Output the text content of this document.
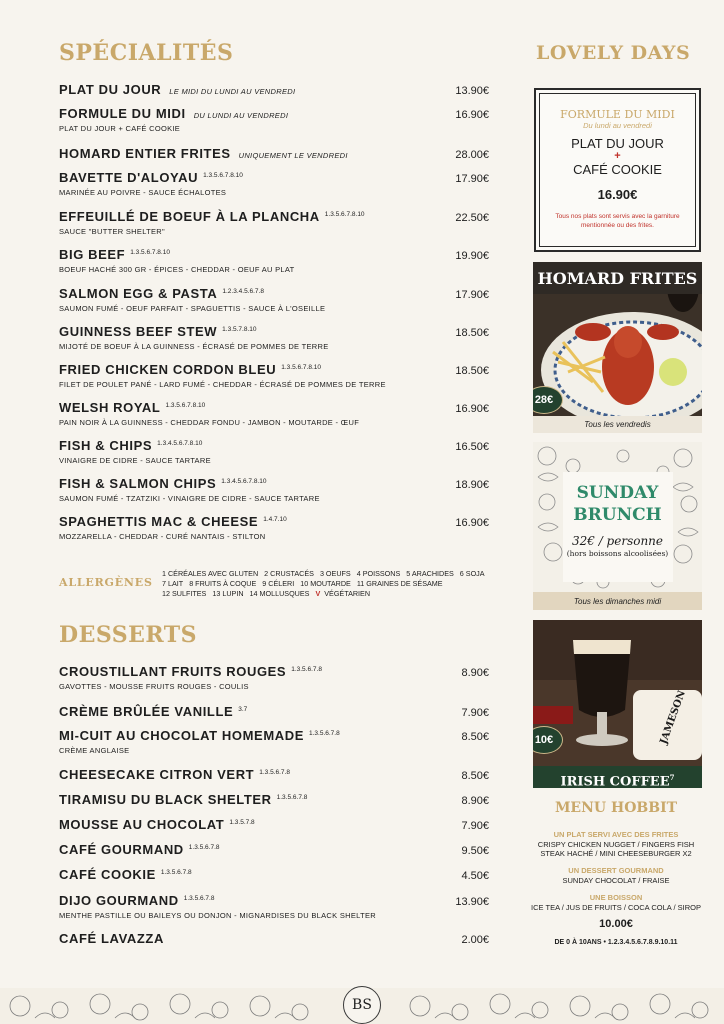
SPÉCIALITÉS
PLAT DU JOUR LE MIDI DU LUNDI AU VENDREDI	13.90€
FORMULE DU MIDI DU LUNDI AU VENDREDI	16.90€
PLAT DU JOUR + CAFÉ COOKIE
HOMARD ENTIER FRITES UNIQUEMENT LE VENDREDI	28.00€
BAVETTE D'ALOYAU 1.3.5.6.7.8.10	17.90€
MARINÉE AU POIVRE - SAUCE ÉCHALOTES
EFFEUILLÉ DE BOEUF À LA PLANCHA 1.3.5.6.7.8.10	22.50€
SAUCE "BUTTER SHELTER"
BIG BEEF 1.3.5.6.7.8.10	19.90€
BOEUF HACHÉ 300 GR - ÉPICES - CHEDDAR - OEUF AU PLAT
SALMON EGG & PASTA 1.2.3.4.5.6.7.8	17.90€
SAUMON FUMÉ - OEUF PARFAIT - SPAGUETTIS - SAUCE À L'OSEILLE
GUINNESS BEEF STEW 1.3.5.7.8.10	18.50€
MIJOTÉ DE BOEUF À LA GUINNESS - ÉCRASÉ DE POMMES DE TERRE
FRIED CHICKEN CORDON BLEU 1.3.5.6.7.8.10	18.50€
FILET DE POULET PANÉ - LARD FUMÉ - CHEDDAR - ÉCRASÉ DE POMMES DE TERRE
WELSH ROYAL 1.3.5.6.7.8.10	16.90€
PAIN NOIR À LA GUINNESS - CHEDDAR FONDU - JAMBON - MOUTARDE - ŒUF
FISH & CHIPS 1.3.4.5.6.7.8.10	16.50€
VINAIGRE DE CIDRE - SAUCE TARTARE
FISH & SALMON CHIPS 1.3.4.5.6.7.8.10	18.90€
SAUMON FUMÉ - TZATZIKI - VINAIGRE DE CIDRE - SAUCE TARTARE
SPAGHETTIS MAC & CHEESE 1.4.7.10	16.90€
MOZZARELLA - CHEDDAR - CURÉ NANTAIS - STILTON
ALLERGÈNES
1 CÉRÉALES AVEC GLUTEN 2 CRUSTACÉS 3 OEUFS 4 POISSONS 5 ARACHIDES 6 SOJA
7 LAIT 8 FRUITS À COQUE 9 CÉLERI 10 MOUTARDE 11 GRAINES DE SÉSAME
12 SULFITES 13 LUPIN 14 MOLLUSQUES V VÉGÉTARIEN
DESSERTS
CROUSTILLANT FRUITS ROUGES 1.3.5.6.7.8	8.90€
GAVOTTES - MOUSSE FRUITS ROUGES - COULIS
CRÈME BRÛLÉE VANILLE 3.7	7.90€
MI-CUIT AU CHOCOLAT HOMEMADE 1.3.5.6.7.8	8.50€
CRÈME ANGLAISE
CHEESECAKE CITRON VERT 1.3.5.6.7.8	8.50€
TIRAMISU DU BLACK SHELTER 1.3.5.6.7.8	8.90€
MOUSSE AU CHOCOLAT 1.3.5.7.8	7.90€
CAFÉ GOURMAND 1.3.5.6.7.8	9.50€
CAFÉ COOKIE 1.3.5.6.7.8	4.50€
DIJO GOURMAND 1.3.5.6.7.8	13.90€
MENTHE PASTILLE OU BAILEYS OU DONJON - MIGNARDISES DU BLACK SHELTER
CAFÉ LAVAZZA	2.00€
LOVELY DAYS
FORMULE DU MIDI
Du lundi au vendredi
PLAT DU JOUR
+
CAFÉ COOKIE
16.90€
Tous nos plats sont servis avec la garniture mentionnée ou des frites.
HOMARD FRITES
28€
Tous les vendredis
SUNDAY
BRUNCH
32€ / personne
(hors boissons alcoolisées)
Tous les dimanches midi
JAMESON
10€
IRISH COFFEE$^7$
MENU HOBBIT
UN PLAT SERVI AVEC DES FRITES
CRISPY CHICKEN NUGGET / FINGERS FISH STEAK HACHÉ / MINI CHEESEBURGER X2
UN DESSERT GOURMAND
SUNDAY CHOCOLAT / FRAISE
UNE BOISSON
ICE TEA / JUS DE FRUITS / COCA COLA / SIROP
10.00€
DE 0 À 10ANS • 1.2.3.4.5.6.7.8.9.10.11
BS
